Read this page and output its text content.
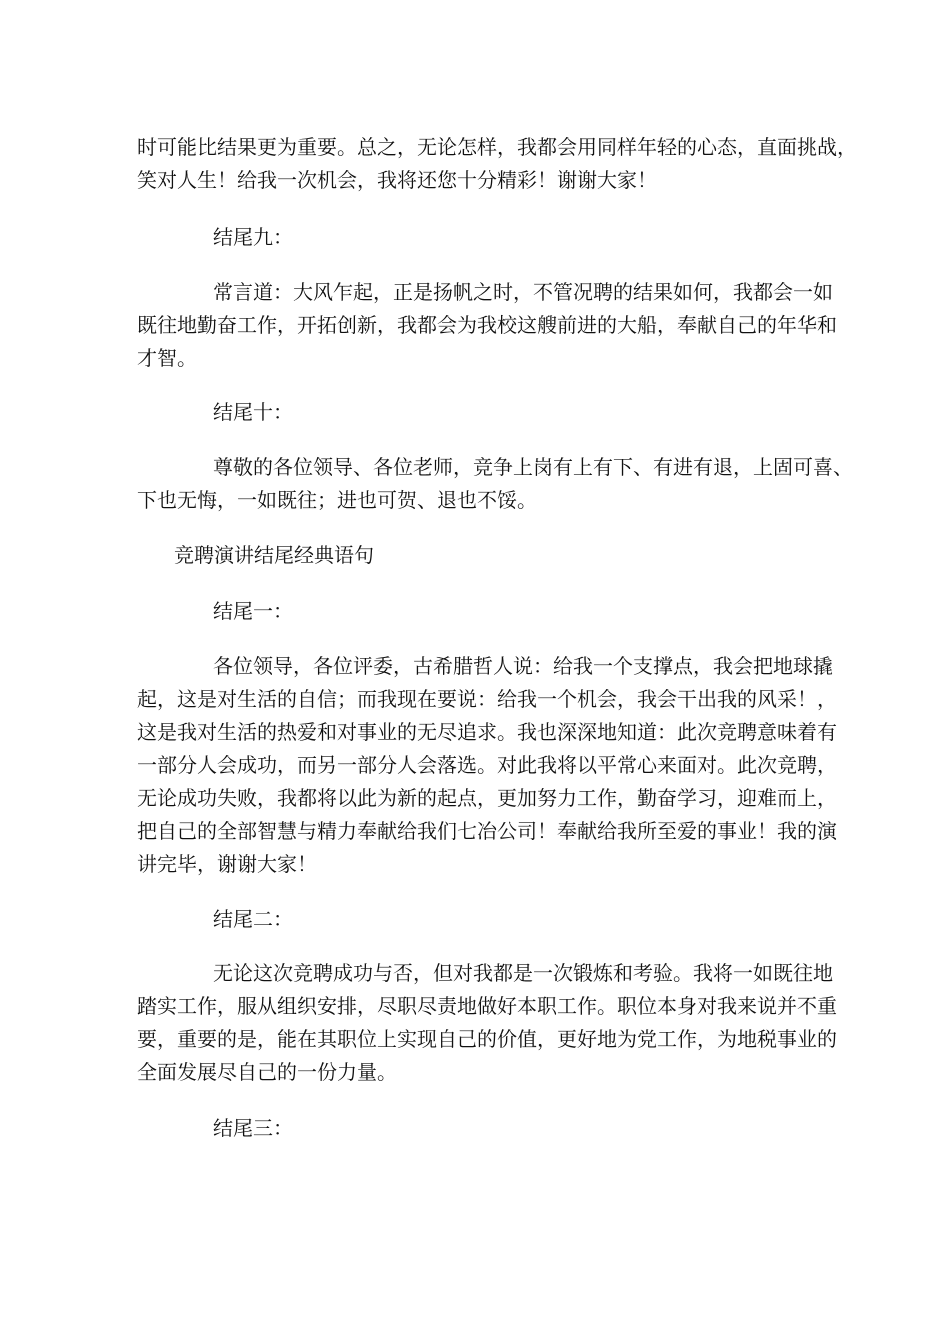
时可能比结果更为重要。总之，无论怎样，我都会用同样年轻的心态，直面挑战，
笑对人生！给我一次机会，我将还您十分精彩！谢谢大家！
结尾九：
常言道：大风乍起，正是扬帆之时，不管况聘的结果如何，我都会一如
既往地勤奋工作，开拓创新，我都会为我校这艘前进的大船，奉献自己的年华和
才智。
结尾十：
尊敬的各位领导、各位老师，竞争上岗有上有下、有进有退，上固可喜、
下也无悔，一如既往；进也可贺、退也不馁。
竞聘演讲结尾经典语句
结尾一：
各位领导，各位评委，古希腊哲人说：给我一个支撑点，我会把地球撬
起，这是对生活的自信；而我现在要说：给我一个机会，我会干出我的风采！，
这是我对生活的热爱和对事业的无尽追求。我也深深地知道：此次竞聘意味着有
一部分人会成功，而另一部分人会落选。对此我将以平常心来面对。此次竞聘，
无论成功失败，我都将以此为新的起点，更加努力工作，勤奋学习，迎难而上，
把自己的全部智慧与精力奉献给我们七冶公司！奉献给我所至爱的事业！我的演
讲完毕，谢谢大家！
结尾二：
无论这次竞聘成功与否，但对我都是一次锻炼和考验。我将一如既往地
踏实工作，服从组织安排，尽职尽责地做好本职工作。职位本身对我来说并不重
要，重要的是，能在其职位上实现自己的价值，更好地为党工作，为地税事业的
全面发展尽自己的一份力量。
结尾三：
